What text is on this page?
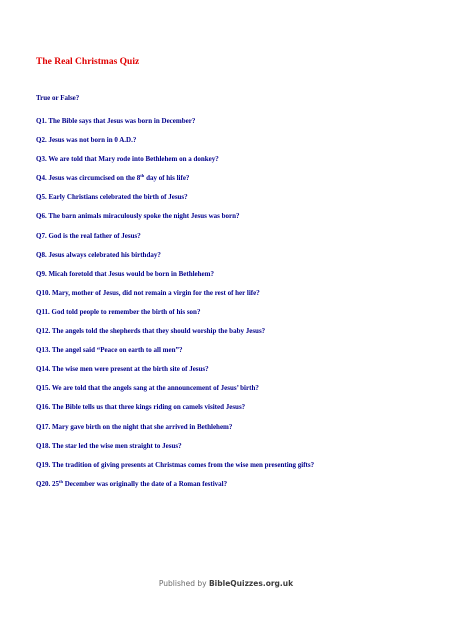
The Real Christmas Quiz
True or False?
Q1. The Bible says that Jesus was born in December?
Q2. Jesus was not born in 0 A.D.?
Q3. We are told that Mary rode into Bethlehem on a donkey?
Q4. Jesus was circumcised on the 8th day of his life?
Q5. Early Christians celebrated the birth of Jesus?
Q6. The barn animals miraculously spoke the night Jesus was born?
Q7. God is the real father of Jesus?
Q8. Jesus always celebrated his birthday?
Q9. Micah foretold that Jesus would be born in Bethlehem?
Q10. Mary, mother of Jesus, did not remain a virgin for the rest of her life?
Q11. God told people to remember the birth of his son?
Q12. The angels told the shepherds that they should worship the baby Jesus?
Q13. The angel said “Peace on earth to all men”?
Q14. The wise men were present at the birth site of Jesus?
Q15. We are told that the angels sang at the announcement of Jesus’ birth?
Q16. The Bible tells us that three kings riding on camels visited Jesus?
Q17. Mary gave birth on the night that she arrived in Bethlehem?
Q18. The star led the wise men straight to Jesus?
Q19. The tradition of giving presents at Christmas comes from the wise men presenting gifts?
Q20. 25th December was originally the date of a Roman festival?
Published by BibleQuizzes.org.uk
